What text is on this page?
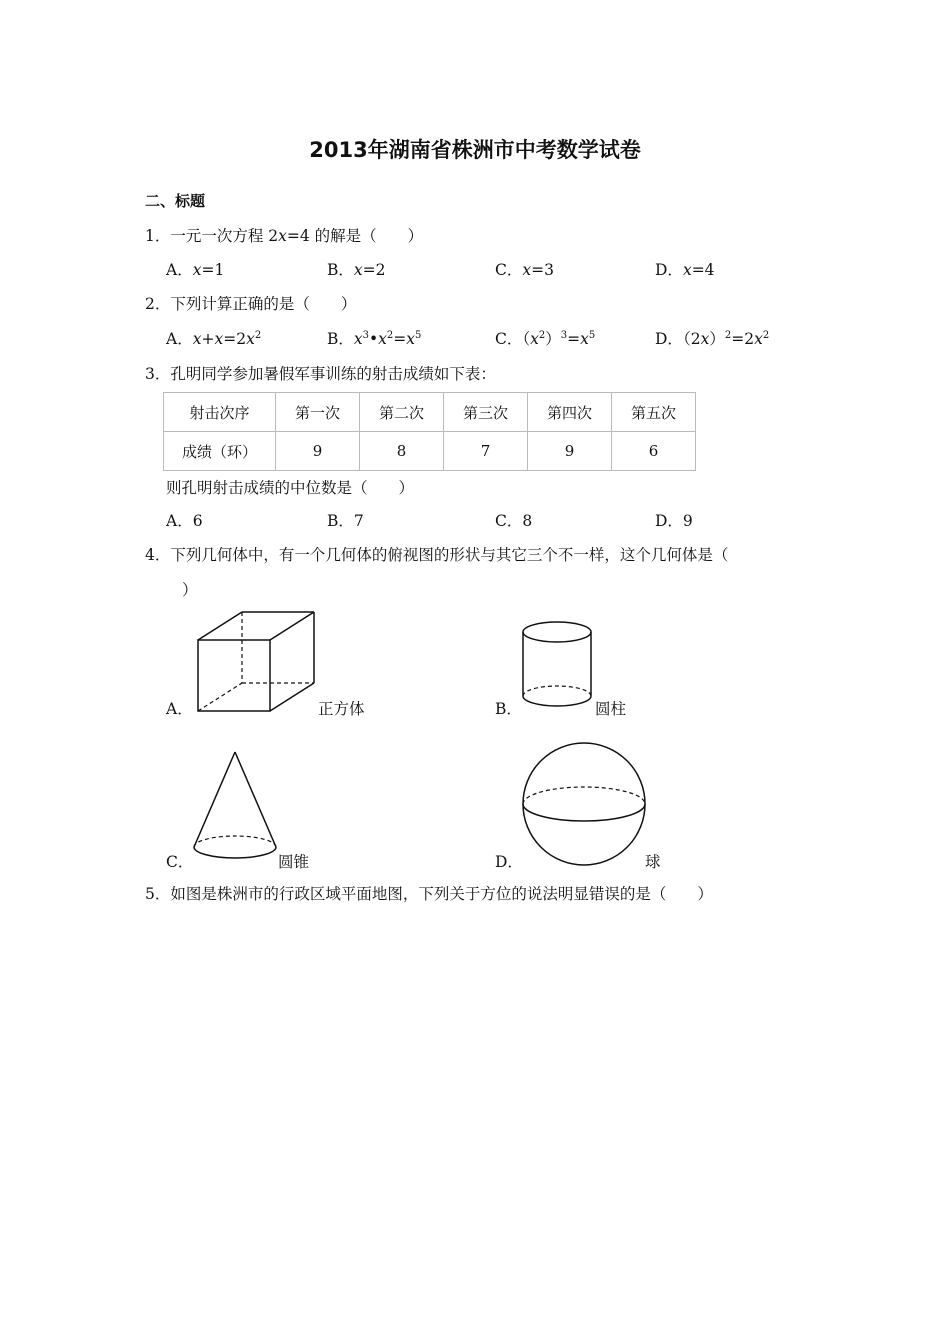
2013年湖南省株洲市中考数学试卷
二、标题
1．一元一次方程 2x=4 的解是（　　）
A．x=1	B．x=2	C．x=3	D．x=4
2．下列计算正确的是（　　）
A．$x+x=2x^2$	B．$x^3•x^2=x^5$	C．$(x^2)^3=x^5$	D．$(2x)^2=2x^2$
3．孔明同学参加暑假军事训练的射击成绩如下表：
射击次序	第一次	第二次	第三次	第四次	第五次
成绩（环）	9	8	7	9	6
则孔明射击成绩的中位数是（　　）
A．6	B．7	C．8	D．9
4．下列几何体中，有一个几何体的俯视图的形状与其它三个不一样，这个几何体是（
）
A．	正方体	B．	圆柱
C．	圆锥	D．	球
5．如图是株洲市的行政区域平面地图，下列关于方位的说法明显错误的是（　　）
